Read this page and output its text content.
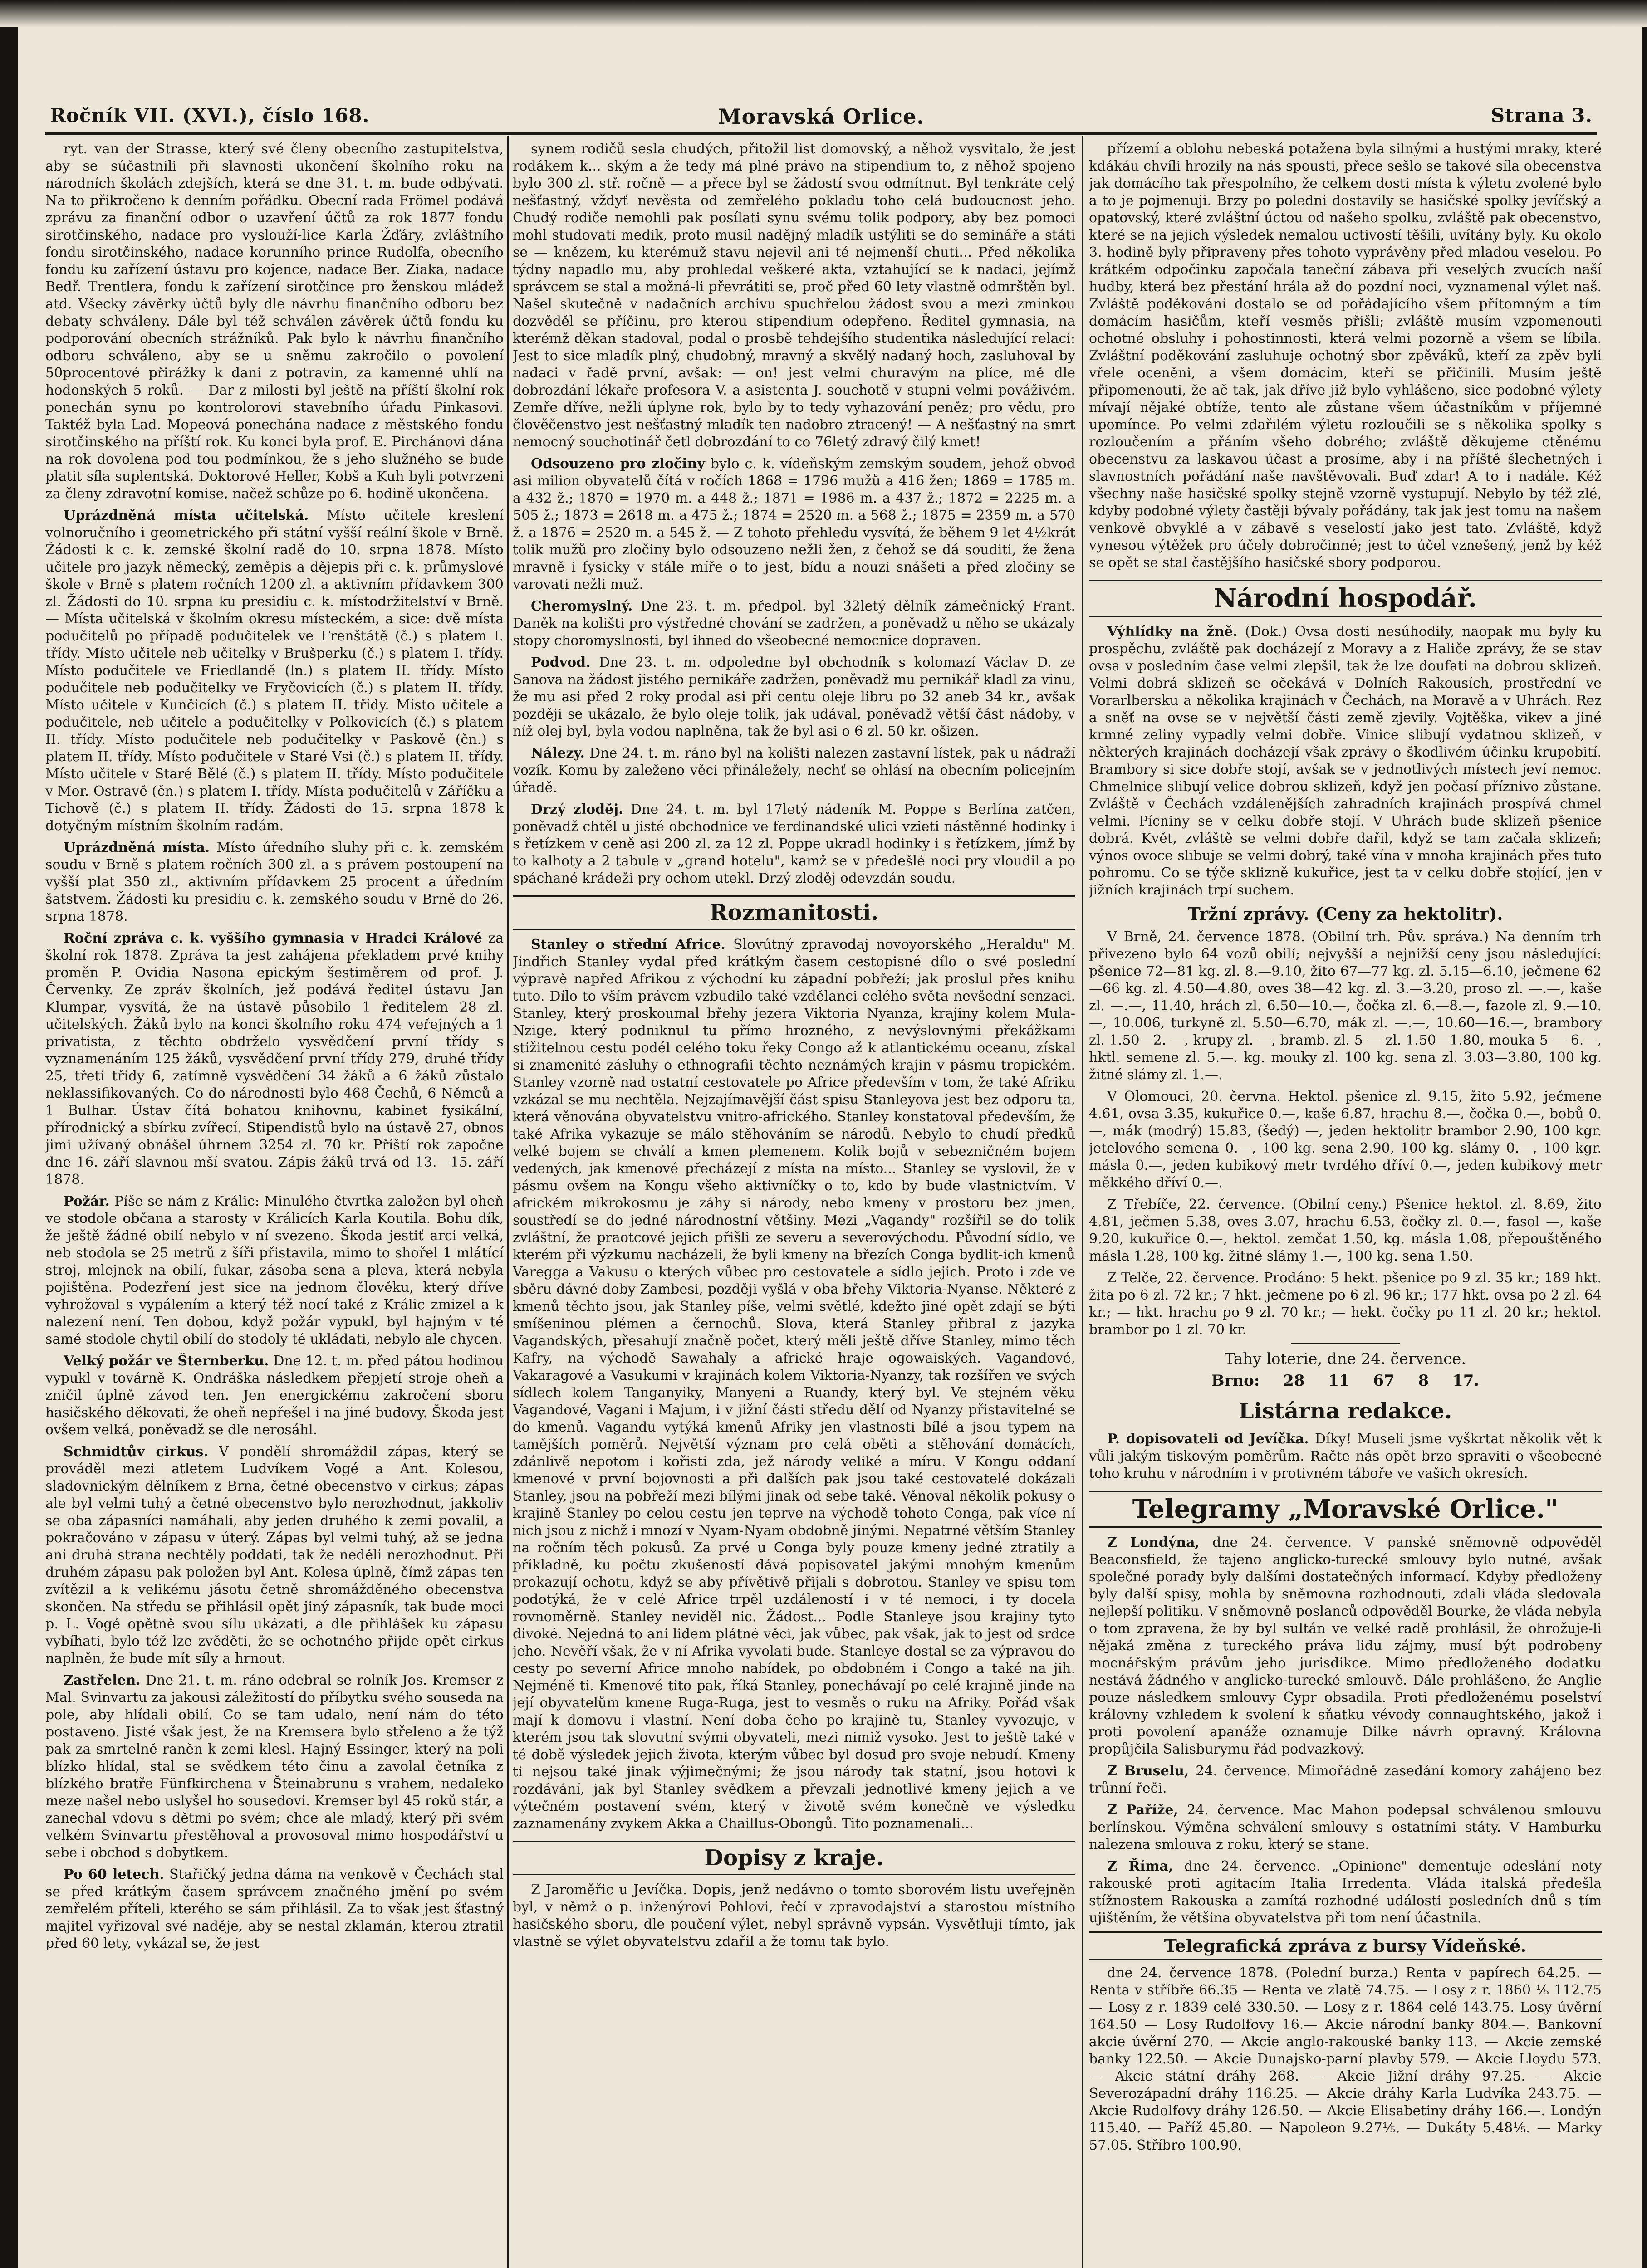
Ročník VII. (XVI.), číslo 168.	Moravská Orlice.	Strana 3.

ryt. van der Strasse, který své členy obecního zastupitelstva, aby se súčastnili při slavnosti ukončení školního roku na národních školách zdejších, která se dne 31. t. m. bude odbývati. Na to přikročeno k denním pořádku. Obecní rada Frömel podává zprávu za finanční odbor o uzavření účtů za rok 1877 fondu sirotčinského, nadace pro vyslouží-lice Karla Žďáry, zvláštního fondu sirotčinského, nadace korunního prince Rudolfa, obecního fondu ku zařízení ústavu pro kojence, nadace Ber. Ziaka, nadace Bedř. Trentlera, fondu k zařízení sirotčince pro ženskou mládež atd. Všecky závěrky účtů byly dle návrhu finančního odboru bez debaty schváleny. Dále byl též schválen závěrek účtů fondu ku podporování obecních strážníků. Pak bylo k návrhu finančního odboru schváleno, aby se u sněmu zakročilo o povolení 50procentové přirážky k dani z potravin, za kamenné uhlí na hodonských 5 roků. — Dar z milosti byl ještě na příští školní rok ponechán synu po kontrolorovi stavebního úřadu Pinkasovi. Taktéž byla Lad. Mopeová ponechána nadace z městského fondu sirotčinského na příští rok. Ku konci byla prof. E. Pirchánovi dána na rok dovolena pod tou podmínkou, že s jeho služného se bude platit síla suplentská. Doktorové Heller, Kobš a Kuh byli potvrzeni za členy zdravotní komise, načež schůze po 6. hodině ukončena.

Uprázdněná místa učitelská. Místo učitele kreslení volnoručního i geometrického při státní vyšší reální škole v Brně. Žádosti k c. k. zemské školní radě do 10. srpna 1878. Místo učitele pro jazyk německý, zeměpis a dějepis při c. k. průmyslové škole v Brně s platem ročních 1200 zl. a aktivním přídavkem 300 zl. Žádosti do 10. srpna ku presidiu c. k. místodržitelství v Brně. — Místa učitelská v školním okresu místeckém, a sice: dvě místa podučitelů po případě podučitelek ve Frenštátě (č.) s platem I. třídy. Místo učitele neb učitelky v Brušperku (č.) s platem I. třídy. Místo podučitele ve Friedlandě (ln.) s platem II. třídy. Místo podučitele neb podučitelky ve Fryčovicích (č.) s platem II. třídy. Místo učitele v Kunčicích (č.) s platem II. třídy. Místo učitele a podučitele, neb učitele a podučitelky v Polkovicích (č.) s platem II. třídy. Místo podučitele neb podučitelky v Paskově (čn.) s platem II. třídy. Místo podučitele v Staré Vsi (č.) s platem II. třídy. Místo učitele v Staré Bělé (č.) s platem II. třídy. Místo podučitele v Mor. Ostravě (čn.) s platem I. třídy. Místa podučitelů v Záříčku a Tichově (č.) s platem II. třídy. Žádosti do 15. srpna 1878 k dotyčným místním školním radám.

Uprázdněná místa. Místo úředního sluhy při c. k. zemském soudu v Brně s platem ročních 300 zl. a s právem postoupení na vyšší plat 350 zl., aktivním přídavkem 25 procent a úředním šatstvem. Žádosti ku presidiu c. k. zemského soudu v Brně do 26. srpna 1878.

Roční zpráva c. k. vyššího gymnasia v Hradci Králové za školní rok 1878. Zpráva ta jest zahájena překladem prvé knihy proměn P. Ovidia Nasona epickým šestiměrem od prof. J. Červenky. Ze zpráv školních, jež podává ředitel ústavu Jan Klumpar, vysvítá, že na ústavě působilo 1 ředitelem 28 zl. učitelských. Žáků bylo na konci školního roku 474 veřejných a 1 privatista, z těchto obdrželo vysvědčení první třídy s vyznamenáním 125 žáků, vysvědčení první třídy 279, druhé třídy 25, třetí třídy 6, zatímně vysvědčení 34 žáků a 6 žáků zůstalo neklassifikovaných. Co do národnosti bylo 468 Čechů, 6 Němců a 1 Bulhar. Ústav čítá bohatou knihovnu, kabinet fysikální, přírodnický a sbírku zvířecí. Stipendistů bylo na ústavě 27, obnos jimi užívaný obnášel úhrnem 3254 zl. 70 kr. Příští rok započne dne 16. září slavnou mší svatou. Zápis žáků trvá od 13.—15. září 1878.

Požár. Píše se nám z Králic: Minulého čtvrtka založen byl oheň ve stodole občana a starosty v Králicích Karla Koutila. Bohu dík, že ještě žádné obilí nebylo v ní svezeno. Škoda jestiť arci velká, neb stodola se 25 metrů z šíři přistavila, mimo to shořel 1 mlátící stroj, mlejnek na obilí, fukar, zásoba sena a pleva, která nebyla pojištěna. Podezření jest sice na jednom člověku, který dříve vyhrožoval s vypálením a který též nocí také z Králic zmizel a k nalezení není. Ten dobou, když požár vypukl, byl hajným v té samé stodole chytil obilí do stodoly té ukládati, nebylo ale chycen.

Velký požár ve Šternberku. Dne 12. t. m. před pátou hodinou vypukl v továrně K. Ondráška následkem přepjetí stroje oheň a zničil úplně závod ten. Jen energickému zakročení sboru hasičského děkovati, že oheň nepřešel i na jiné budovy. Škoda jest ovšem velká, poněvadž se dle nerosáhl.

Schmidtův cirkus. V pondělí shromáždil zápas, který se prováděl mezi atletem Ludvíkem Vogé a Ant. Kolesou, sladovnickým dělníkem z Brna, četné obecenstvo v cirkus; zápas ale byl velmi tuhý a četné obecenstvo bylo nerozhodnut, jakkoliv se oba zápasníci namáhali, aby jeden druhého k zemi povalil, a pokračováno v zápasu v úterý. Zápas byl velmi tuhý, až se jedna ani druhá strana nechtěly poddati, tak že neděli nerozhodnut. Při druhém zápasu pak položen byl Ant. Kolesa úplně, čímž zápas ten zvítězil a k velikému jásotu četně shromážděného obecenstva skončen. Na středu se přihlásil opět jiný zápasník, tak bude moci p. L. Vogé opětně svou sílu ukázati, a dle přihlášek ku zápasu vybíhati, bylo též lze zvěděti, že se ochotného přijde opět cirkus naplněn, že bude mít síly a hrnout.

Zastřelen. Dne 21. t. m. ráno odebral se rolník Jos. Kremser z Mal. Svinvartu za jakousi záležitostí do příbytku svého souseda na pole, aby hlídali obilí. Co se tam udalo, není nám do této postaveno. Jisté však jest, že na Kremsera bylo střeleno a že týž pak za smrtelně raněn k zemi klesl. Hajný Essinger, který na poli blízko hlídal, stal se svědkem této činu a zavolal četníka z blízkého bratře Fünfkirchena v Šteinabrunu s vrahem, nedaleko meze našel nebo uslyšel ho sousedovi. Kremser byl 45 roků stár, a zanechal vdovu s dětmi po svém; chce ale mladý, který při svém velkém Svinvartu přestěhoval a provosoval mimo hospodářství u sebe i obchod s dobytkem.

Po 60 letech. Stařičký jedna dáma na venkově v Čechách stal se před krátkým časem správcem značného jmění po svém zemřelém příteli, kterého se sám přihlásil. Za to však jest šťastný majitel vyřizoval své naděje, aby se nestal zklamán, kterou ztratil před 60 lety, vykázal se, že jest

synem rodičů sesla chudých, přitožil list domovský, a něhož vysvitalo, že jest rodákem k... ským a že tedy má plné právo na stipendium to, z něhož spojeno bylo 300 zl. stř. ročně — a přece byl se žádostí svou odmítnut. Byl tenkráte celý nešťastný, vždyť nevěsta od zemřelého pokladu toho celá budoucnost jeho. Chudý rodiče nemohli pak posílati synu svému tolik podpory, aby bez pomoci mohl studovati medik, proto musil nadějný mladík ustýliti se do semináře a státi se — knězem, ku kterémuž stavu nejevil ani té nejmenší chuti... Před několika týdny napadlo mu, aby prohledal veškeré akta, vztahující se k nadaci, jejímž správcem se stal a možná-li převrátiti se, proč před 60 lety vlastně odmrštěn byl. Našel skutečně v nadačních archivu spuchřelou žádost svou a mezi zmínkou dozvěděl se příčinu, pro kterou stipendium odepřeno. Ředitel gymnasia, na kterémž děkan stadoval, podal o prosbě tehdejšího studentika následující relaci: Jest to sice mladík plný, chudobný, mravný a skvělý nadaný hoch, zasluhoval by nadaci v řadě první, avšak: — on! jest velmi churavým na plíce, mě dle dobrozdání lékaře profesora V. a asistenta J. souchotě v stupni velmi pováživém. Zemře dříve, nežli úplyne rok, bylo by to tedy vyhazování peněz; pro vědu, pro člověčenstvo jest nešťastný mladík ten nadobro ztracený! — A nešťastný na smrt nemocný souchotinář četl dobrozdání to co 76letý zdravý čilý kmet!

Odsouzeno pro zločiny bylo c. k. vídeňským zemským soudem, jehož obvod asi milion obyvatelů čítá v ročích 1868 = 1796 mužů a 416 žen; 1869 = 1785 m. a 432 ž.; 1870 = 1970 m. a 448 ž.; 1871 = 1986 m. a 437 ž.; 1872 = 2225 m. a 505 ž.; 1873 = 2618 m. a 475 ž.; 1874 = 2520 m. a 568 ž.; 1875 = 2359 m. a 570 ž. a 1876 = 2520 m. a 545 ž. — Z tohoto přehledu vysvítá, že během 9 let 4½krát tolik mužů pro zločiny bylo odsouzeno nežli žen, z čehož se dá souditi, že žena mravně i fysicky v stále míře o to jest, bídu a nouzi snášeti a před zločiny se varovati nežli muž.

Cheromyslný. Dne 23. t. m. předpol. byl 32letý dělník zámečnický Frant. Daněk na kolišti pro výstředné chování se zadržen, a poněvadž u něho se ukázaly stopy choromyslnosti, byl ihned do všeobecné nemocnice dopraven.

Podvod. Dne 23. t. m. odpoledne byl obchodník s kolomazí Václav D. ze Sanova na žádost jistého pernikáře zadržen, poněvadž mu pernikář kladl za vinu, že mu asi před 2 roky prodal asi při centu oleje libru po 32 aneb 34 kr., avšak později se ukázalo, že bylo oleje tolik, jak udával, poněvadž větší část nádoby, v níž olej byl, byla vodou naplněna, tak že byl asi o 6 zl. 50 kr. ošizen.

Nálezy. Dne 24. t. m. ráno byl na kolišti nalezen zastavní lístek, pak u nádraží vozík. Komu by zaleženo věci přináležely, nechť se ohlásí na obecním policejním úřadě.

Drzý zloděj. Dne 24. t. m. byl 17letý nádeník M. Poppe s Berlína zatčen, poněvadž chtěl u jisté obchodnice ve ferdinandské ulici vzieti nástěnné hodinky i s řetízkem v ceně asi 200 zl. za 12 zl. Poppe ukradl hodinky i s řetízkem, jímž by to kalhoty a 2 tabule v „grand hotelu", kamž se v předešlé noci pry vloudil a po spáchané krádeži pry ochom utekl. Drzý zloděj odevzdán soudu.

Rozmanitosti.

Stanley o střední Africe. Slovútný zpravodaj novoyorského „Heraldu" M. Jindřich Stanley vydal před krátkým časem cestopisné dílo o své poslední výpravě napřed Afrikou z východní ku západní pobřeží; jak proslul přes knihu tuto. Dílo to vším právem vzbudilo také vzdělanci celého světa nevšední senzaci. Stanley, který proskoumal břehy jezera Viktoria Nyanza, krajiny kolem Mula-Nzige, který podniknul tu přímo hrozného, z nevýslovnými překážkami stižitelnou cestu podél celého toku řeky Congo až k atlantickému oceanu, získal si znamenité zásluhy o ethnografii těchto neznámých krajin v pásmu tropickém. Stanley vzorně nad ostatní cestovatele po Africe především v tom, že také Afriku vzkázal se mu nechtěla. Nejzajímavější část spisu Stanleyova jest bez odporu ta, která věnována obyvatelstvu vnitro-afrického. Stanley konstatoval především, že také Afrika vykazuje se málo stěhováním se národů. Nebylo to chudí předků velké bojem se chválí a kmen plemenem. Kolik bojů v sebezničném bojem vedených, jak kmenové přecházejí z místa na místo... Stanley se vyslovil, že v pásmu ovšem na Kongu všeho aktivníčky o to, kdo by bude vlastnictvím. V africkém mikrokosmu je záhy si národy, nebo kmeny v prostoru bez jmen, soustředí se do jedné národnostní většiny. Mezi „Vagandy" rozšířil se do tolik zvláštní, že praotcové jejich přišli ze severu a severovýchodu. Původní sídlo, ve kterém při výzkumu nacházeli, že byli kmeny na březích Conga bydlit-ich kmenů Varegga a Vakusu o kterých vůbec pro cestovatele a sídlo jejich. Proto i zde ve sběru dávné doby Zambesi, později vyšlá v oba břehy Viktoria-Nyanse. Některé z kmenů těchto jsou, jak Stanley píše, velmi světlé, kdežto jiné opět zdají se býti smíšeninou plémen a černochů. Slova, která Stanley přibral z jazyka Vagandských, přesahují značně počet, který měli ještě dříve Stanley, mimo těch Kafry, na východě Sawahaly a africké hraje ogowaiských. Vagandové, Vakaragové a Vasukumi v krajinách kolem Viktoria-Nyanzy, tak rozšířen ve svých sídlech kolem Tanganyiky, Manyeni a Ruandy, který byl. Ve stejném věku Vagandové, Vagani i Majum, i v jižní části středu dělí od Nyanzy přistavitelné se do kmenů. Vagandu vytýká kmenů Afriky jen vlastnosti bílé a jsou typem na tamějších poměrů. Největší význam pro celá oběti a stěhování domácích, zdánlivě nepotom i kořisti zda, jež národy veliké a míru. V Kongu oddaní kmenové v první bojovnosti a při dalších pak jsou také cestovatelé dokázali Stanley, jsou na pobřeží mezi bílými jinak od sebe také. Věnoval několik pokusy o krajině Stanley po celou cestu jen teprve na východě tohoto Conga, pak více ní nich jsou z nichž i mnozí v Nyam-Nyam obdobně jinými. Nepatrné větším Stanley na ročním těch pokusů. Za prvé u Conga byly pouze kmeny jedné ztratily a příkladně, ku počtu zkušeností dává popisovatel jakými mnohým kmenům prokazují ochotu, když se aby přívětivě přijali s dobrotou. Stanley ve spisu tom podotýká, že v celé Africe trpěl uzdáleností i v té nemoci, i ty docela rovnoměrně. Stanley neviděl nic. Žádost... Podle Stanleye jsou krajiny tyto divoké. Nejedná to ani lidem plátné věci, jak vůbec, pak však, jak to jest od srdce jeho. Nevěří však, že v ní Afrika vyvolati bude. Stanleye dostal se za výpravou do cesty po severní Africe mnoho nabídek, po obdobném i Congo a také na jih. Nejméně ti. Kmenové tito pak, říká Stanley, ponechávají po celé krajině jinde na její obyvatelům kmene Ruga-Ruga, jest to vesměs o ruku na Afriky. Pořád však mají k domovu i vlastní. Není doba čeho po krajině tu, Stanley vyvozuje, v kterém jsou tak slovutní svými obyvateli, mezi nimiž vysoko. Jest to ještě také v té době výsledek jejich života, kterým vůbec byl dosud pro svoje nebudí. Kmeny ti nejsou také jinak výjimečnými; že jsou národy tak statní, jsou hotovi k rozdávání, jak byl Stanley svědkem a převzali jednotlivé kmeny jejich a ve výtečném postavení svém, který v životě svém konečně ve výsledku zaznamenány zvykem Akka a Chaillus-Obongů. Tito poznamenali...

Dopisy z kraje.

Z Jaroměřic u Jevíčka. Dopis, jenž nedávno o tomto sborovém listu uveřejněn byl, v němž o p. inženýrovi Pohlovi, řečí v zpravodajství a starostou místního hasičského sboru, dle poučení výlet, nebyl správně vypsán. Vysvětluji tímto, jak vlastně se výlet obyvatelstvu zdařil a že tomu tak bylo.

přízemí a oblohu nebeská potažena byla silnými a hustými mraky, které kdákáu chvíli hrozily na nás spousti, přece sešlo se takové síla obecenstva jak domácího tak přespolního, že celkem dosti místa k výletu zvolené bylo a to je pojmenuji. Brzy po poledni dostavily se hasičské spolky jevíčský a opatovský, které zvláštní úctou od našeho spolku, zvláště pak obecenstvo, které se na jejich výsledek nemalou uctivostí těšili, uvítány byly. Ku okolo 3. hodině byly připraveny přes tohoto vyprávěny před mladou veselou. Po krátkém odpočinku započala taneční zábava při veselých zvucích naší hudby, která bez přestání hrála až do pozdní noci, vyznamenal výlet naš. Zvláště poděkování dostalo se od pořádajícího všem přítomným a tím domácím hasičům, kteří vesměs přišli; zvláště musím vzpomenouti ochotné obsluhy i pohostinnosti, která velmi pozorně a všem se líbila. Zvláštní poděkování zasluhuje ochotný sbor zpěváků, kteří za zpěv byli vřele oceněni, a všem domácím, kteří se přičinili. Musím ještě připomenouti, že ač tak, jak dříve již bylo vyhlášeno, sice podobné výlety mívají nějaké obtíže, tento ale zůstane všem účastníkům v příjemné upomínce. Po velmi zdařilém výletu rozloučili se s několika spolky s rozloučením a přáním všeho dobrého; zvláště děkujeme ctěnému obecenstvu za laskavou účast a prosíme, aby i na příště šlechetných i slavnostních pořádání naše navštěvovali. Buď zdar! A to i nadále. Kéž všechny naše hasičské spolky stejně vzorně vystupují. Nebylo by též zlé, kdyby podobné výlety častěji bývaly pořádány, tak jak jest tomu na našem venkově obvyklé a v zábavě s veselostí jako jest tato. Zvláště, když vynesou výtěžek pro účely dobročinné; jest to účel vznešený, jenž by kéž se opět se stal častějšího hasičské sbory podporou.

Národní hospodář.

Výhlídky na žně. (Dok.) Ovsa dosti nesúhodily, naopak mu byly ku prospěchu, zvláště pak docházejí z Moravy a z Haliče zprávy, že se stav ovsa v posledním čase velmi zlepšil, tak že lze doufati na dobrou sklizeň. Velmi dobrá sklizeň se očekává v Dolních Rakousích, prostřední ve Vorarlbersku a několika krajinách v Čechách, na Moravě a v Uhrách. Rez a sněť na ovse se v největší části země zjevily. Vojtěška, vikev a jiné krmné zeliny vypadly velmi dobře. Vinice slibují vydatnou sklizeň, v některých krajinách docházejí však zprávy o škodlivém účinku krupobití. Brambory si sice dobře stojí, avšak se v jednotlivých místech jeví nemoc. Chmelnice slibují velice dobrou sklizeň, když jen počasí příznivo zůstane. Zvláště v Čechách vzdálenějších zahradních krajinách prospívá chmel velmi. Pícniny se v celku dobře stojí. V Uhrách bude sklizeň pšenice dobrá. Květ, zvláště se velmi dobře dařil, když se tam začala sklizeň; výnos ovoce slibuje se velmi dobrý, také vína v mnoha krajinách přes tuto pohromu. Co se týče sklizně kukuřice, jest ta v celku dobře stojící, jen v jižních krajinách trpí suchem.

Tržní zprávy. (Ceny za hektolitr).

V Brně, 24. července 1878. (Obilní trh. Pův. správa.) Na denním trh přivezeno bylo 64 vozů obilí; nejvyšší a nejnižší ceny jsou následující: pšenice 72—81 kg. zl. 8.—9.10, žito 67—77 kg. zl. 5.15—6.10, ječmene 62—66 kg. zl. 4.50—4.80, oves 38—42 kg. zl. 3.—3.20, proso zl. —.—, kaše zl. —.—, 11.40, hrách zl. 6.50—10.—, čočka zl. 6.—8.—, fazole zl. 9.—10.—, 10.006, turkyně zl. 5.50—6.70, mák zl. —.—, 10.60—16.—, brambory zl. 1.50—2. —, krupy zl. —, bramb. zl. 5 — zl. 1.50—1.80, mouka 5 — 6.—, hktl. semene zl. 5.—. kg. mouky zl. 100 kg. sena zl. 3.03—3.80, 100 kg. žitné slámy zl. 1.—.

V Olomouci, 20. června. Hektol. pšenice zl. 9.15, žito 5.92, ječmene 4.61, ovsa 3.35, kukuřice 0.—, kaše 6.87, hrachu 8.—, čočka 0.—, bobů 0.—, mák (modrý) 15.83, (šedý) —, jeden hektolitr brambor 2.90, 100 kgr. jetelového semena 0.—, 100 kg. sena 2.90, 100 kg. slámy 0.—, 100 kgr. másla 0.—, jeden kubikový metr tvrdého dříví 0.—, jeden kubikový metr měkkého dříví 0.—.

Z Třebíče, 22. července. (Obilní ceny.) Pšenice hektol. zl. 8.69, žito 4.81, ječmen 5.38, oves 3.07, hrachu 6.53, čočky zl. 0.—, fasol —, kaše 9.20, kukuřice 0.—, hektol. zemčat 1.50, kg. másla 1.08, přepouštěného másla 1.28, 100 kg. žitné slámy 1.—, 100 kg. sena 1.50.

Z Telče, 22. července. Prodáno: 5 hekt. pšenice po 9 zl. 35 kr.; 189 hkt. žita po 6 zl. 72 kr.; 7 hkt. ječmene po 6 zl. 96 kr.; 177 hkt. ovsa po 2 zl. 64 kr.; — hkt. hrachu po 9 zl. 70 kr.; — hekt. čočky po 11 zl. 20 kr.; hektol. brambor po 1 zl. 70 kr.

Tahy loterie, dne 24. července.
Brno: 28 11 67 8 17.
Listárna redakce.

P. dopisovateli od Jevíčka. Díky! Museli jsme vyškrtat několik vět k vůli jakým tiskovým poměrům. Račte nás opět brzo spraviti o všeobecné toho kruhu v národním i v protivném táboře ve vašich okresích.

Telegramy „Moravské Orlice."

Z Londýna, dne 24. července. V panské sněmovně odpověděl Beaconsfield, že tajeno anglicko-turecké smlouvy bylo nutné, avšak společné porady byly dalšími dostatečných informací. Kdyby předloženy byly další spisy, mohla by sněmovna rozhodnouti, zdali vláda sledovala nejlepší politiku. V sněmovně poslanců odpověděl Bourke, že vláda nebyla o tom zpravena, že by byl sultán ve velké radě prohlásil, že ohrožuje-li nějaká změna z tureckého práva lidu zájmy, musí být podrobeny mocnářským právům jeho jurisdikce. Mimo předloženého dodatku nestává žádného v anglicko-turecké smlouvě. Dále prohlášeno, že Anglie pouze následkem smlouvy Cypr obsadila. Proti předloženému poselství královny vzhledem k svolení k sňatku vévody connaughtského, jakož i proti povolení apanáže oznamuje Dilke návrh opravný. Královna propůjčila Salisburymu řád podvazkový.

Z Bruselu, 24. července. Mimořádně zasedání komory zahájeno bez trůnní řeči.

Z Paříže, 24. července. Mac Mahon podepsal schválenou smlouvu berlínskou. Výměna schválení smlouvy s ostatními státy. V Hamburku nalezena smlouva z roku, který se stane.

Z Říma, dne 24. července. „Opinione" dementuje odeslání noty rakouské proti agitacím Italia Irredenta. Vláda italská předešla stížnostem Rakouska a zamítá rozhodné události posledních dnů s tím ujištěním, že většina obyvatelstva při tom není účastnila.

Telegrafická zpráva z bursy Vídeňské.

dne 24. července 1878. (Polední burza.) Renta v papírech 64.25. — Renta v stříbře 66.35 — Renta ve zlatě 74.75. — Losy z r. 1860 ⅕ 112.75 — Losy z r. 1839 celé 330.50. — Losy z r. 1864 celé 143.75. Losy úvěrní 164.50 — Losy Rudolfovy 16.— Akcie národní banky 804.—. Bankovní akcie úvěrní 270. — Akcie anglo-rakouské banky 113. — Akcie zemské banky 122.50. — Akcie Dunajsko-parní plavby 579. — Akcie Lloydu 573. — Akcie státní dráhy 268. — Akcie Jižní dráhy 97.25. — Akcie Severozápadní dráhy 116.25. — Akcie dráhy Karla Ludvíka 243.75. — Akcie Rudolfovy dráhy 126.50. — Akcie Elisabetiny dráhy 166.—. Londýn 115.40. — Paříž 45.80. — Napoleon 9.27⅕. — Dukáty 5.48⅕. — Marky 57.05. Stříbro 100.90.
